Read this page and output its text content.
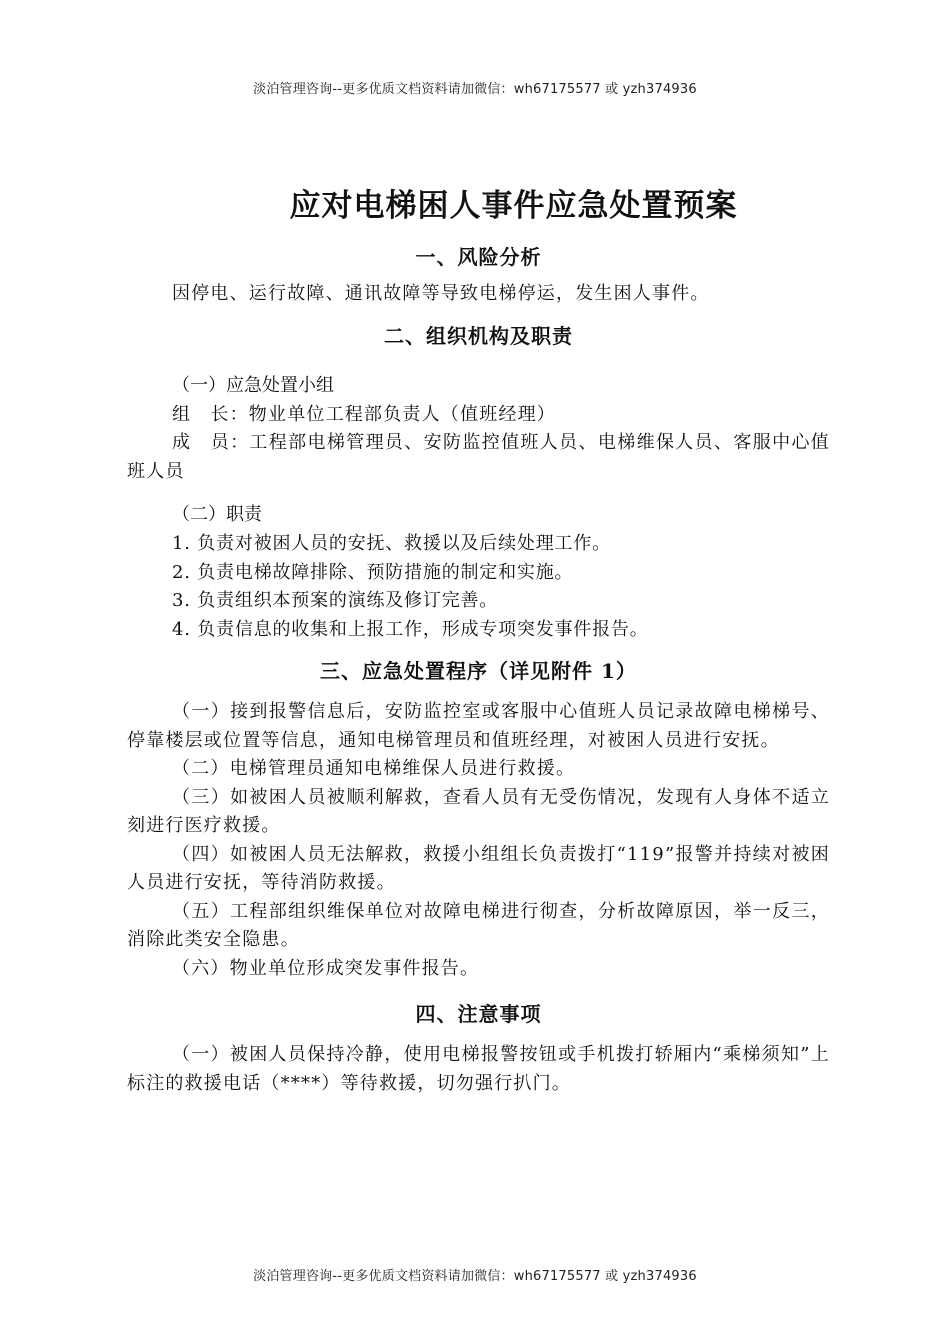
淡泊管理咨询--更多优质文档资料请加微信：wh67175577 或 yzh374936
应对电梯困人事件应急处置预案
一、风险分析

因停电、运行故障、通讯故障等导致电梯停运，发生困人事件。

二、组织机构及职责
（一）应急处置小组

组　长：物业单位工程部负责人（值班经理）

成　员：工程部电梯管理员、安防监控值班人员、电梯维保人员、客服中心值班人员

（二）职责

1. 负责对被困人员的安抚、救援以及后续处理工作。

2. 负责电梯故障排除、预防措施的制定和实施。

3. 负责组织本预案的演练及修订完善。

4. 负责信息的收集和上报工作，形成专项突发事件报告。

三、应急处置程序（详见附件 1）

（一）接到报警信息后，安防监控室或客服中心值班人员记录故障电梯梯号、停靠楼层或位置等信息，通知电梯管理员和值班经理，对被困人员进行安抚。

（二）电梯管理员通知电梯维保人员进行救援。

（三）如被困人员被顺利解救，查看人员有无受伤情况，发现有人身体不适立刻进行医疗救援。

（四）如被困人员无法解救，救援小组组长负责拨打“119”报警并持续对被困人员进行安抚，等待消防救援。

（五）工程部组织维保单位对故障电梯进行彻查，分析故障原因，举一反三，消除此类安全隐患。

（六）物业单位形成突发事件报告。

四、注意事项

（一）被困人员保持冷静，使用电梯报警按钮或手机拨打轿厢内“乘梯须知”上标注的救援电话（****）等待救援，切勿强行扒门。

淡泊管理咨询--更多优质文档资料请加微信：wh67175577 或 yzh374936
